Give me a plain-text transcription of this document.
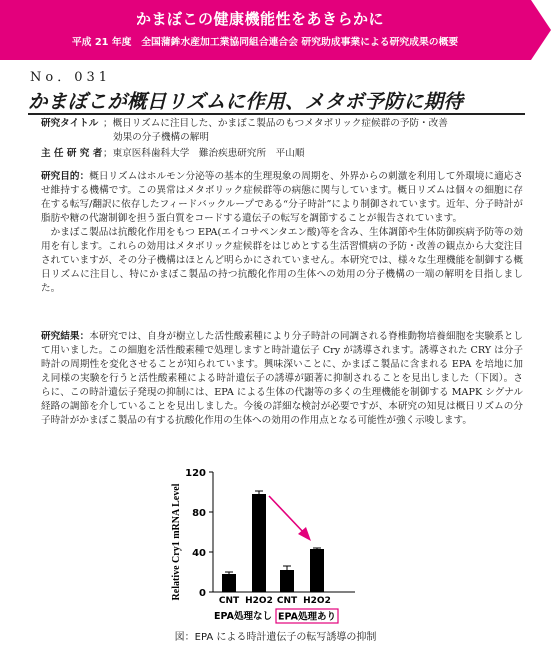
かまぼこの健康機能性をあきらかに
平成 21 年度　全国蒲鉾水産加工業協同組合連合会 研究助成事業による研究成果の概要
No．031
かまぼこが概日リズムに作用、メタボ予防に期待
研究タイトル ；概日リズムに注目した、かまぼこ製品のもつメタボリック症候群の予防・改善
効果の分子機構の解明
主 任 研 究 者；東京医科歯科大学　難治疾患研究所　平山順
研究目的：概日リズムはホルモン分泌等の基本的生理現象の周期を、外界からの刺激を利用して外環境に適応させ維持する機構です。この異常はメタボリック症候群等の病態に関与しています。概日リズムは個々の細胞に存在する転写/翻訳に依存したフィードバックループである“分子時計”により制御されています。近年、分子時計が脂肪や糖の代謝制御を担う蛋白質をコードする遺伝子の転写を調節することが報告されています。
かまぼこ製品は抗酸化作用をもつ EPA(エイコサペンタエン酸)等を含み、生体調節や生体防御疾病予防等の効用を有します。これらの効用はメタボリック症候群をはじめとする生活習慣病の予防・改善の観点から大変注目されていますが、その分子機構はほとんど明らかにされていません。本研究では、様々な生理機能を制御する概日リズムに注目し、特にかまぼこ製品の持つ抗酸化作用の生体への効用の分子機構の一端の解明を目指しました。
研究結果：本研究では、自身が樹立した活性酸素種により分子時計の同調される脊椎動物培養細胞を実験系として用いました。この細胞を活性酸素種で処理しますと時計遺伝子 Cry が誘導されます。誘導された CRY は分子時計の周期性を変化させることが知られています。興味深いことに、かまぼこ製品に含まれる EPA を培地に加え同様の実験を行うと活性酸素種による時計遺伝子の誘導が顕著に抑制されることを見出しました（下図）。さらに、この時計遺伝子発現の抑制には、EPA による生体の代謝等の多くの生理機能を制御する MAPK シグナル経路の調節を介していることを見出しました。今後の詳細な検討が必要ですが、本研究の知見は概日リズムの分子時計がかまぼこ製品の有する抗酸化作用の生体への効用の作用点となる可能性が強く示唆します。
Relative Cry1 mRNA Level 0
40
80
120
CNT H2O2 CNT H2O2
EPA処理なし EPA処理あり
図：EPA による時計遺伝子の転写誘導の抑制
